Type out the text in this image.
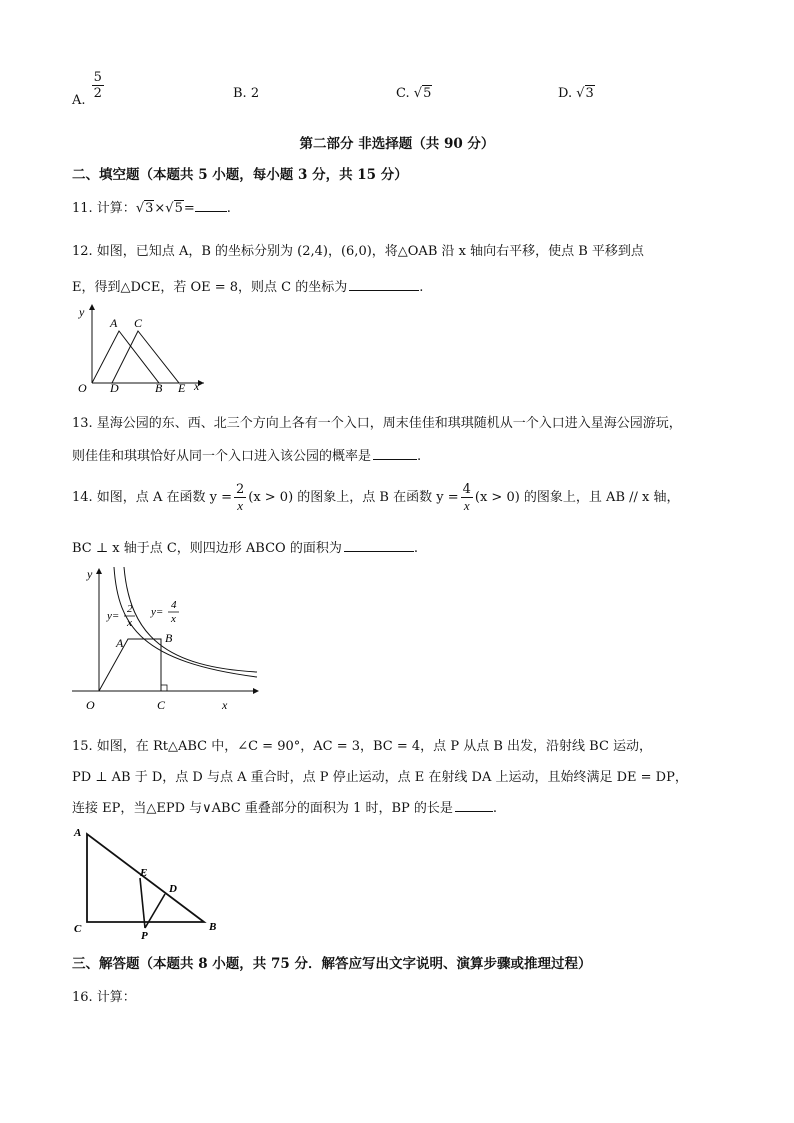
A. $\frac{5}{2}$	B. 2	C. √5	D. √3
第二部分 非选择题（共 90 分）
二、填空题（本题共 5 小题，每小题 3 分，共 15 分）
11. 计算：√3×√5= .
12. 如图，已知点 A，B 的坐标分别为 (2,4)，(6,0)，将△OAB 沿 x 轴向右平移，使点 B 平移到点
E，得到△DCE，若 OE = 8，则点 C 的坐标为	.
y
x
O
A C
D	B E
13. 星海公园的东、西、北三个方向上各有一个入口，周末佳佳和琪琪随机从一个入口进入星海公园游玩，
则佳佳和琪琪恰好从同一个入口进入该公园的概率是	.
14. 如图，点 A 在函数 $y = \frac{2}{x} (x > 0)$ 的图象上，点 B 在函数 $y = \frac{4}{x} (x > 0)$ 的图象上，且 AB // x 轴，
BC ⊥ x 轴于点 C，则四边形 ABCO 的面积为	.
y
x
O
A	B
C
y=
2
x
y=
4
x
15. 如图，在 Rt△ABC 中，∠C = 90°，AC = 3，BC = 4，点 P 从点 B 出发，沿射线 BC 运动，
PD ⊥ AB 于 D，点 D 与点 A 重合时，点 P 停止运动，点 E 在射线 DA 上运动，且始终满足 DE = DP，
连接 EP，当△EPD 与∨ABC 重叠部分的面积为 1 时，BP 的长是	.
A
C	B
E
D
P
三、解答题（本题共 8 小题，共 75 分．解答应写出文字说明、演算步骤或推理过程）
16. 计算：
